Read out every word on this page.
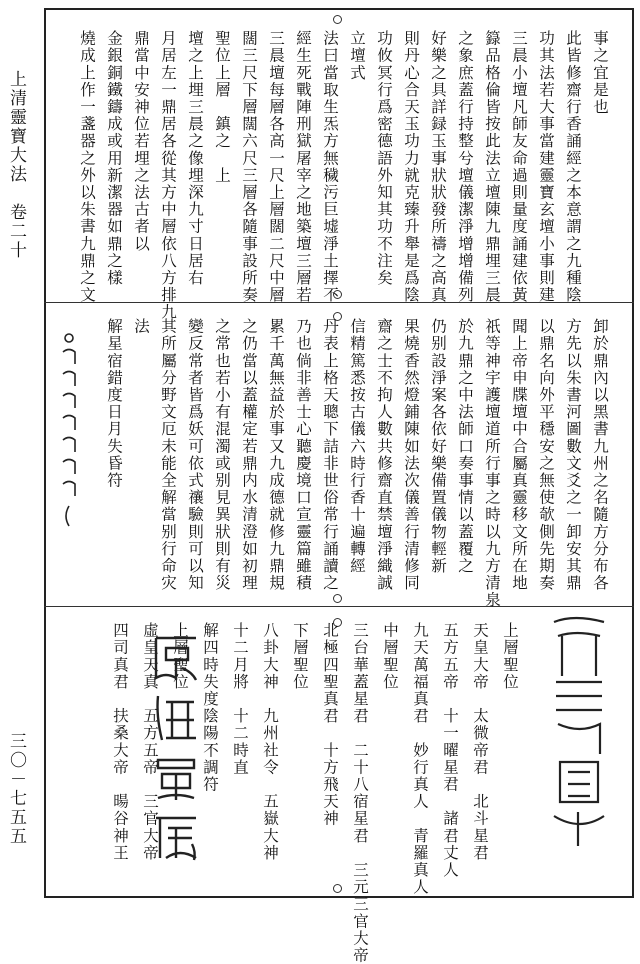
上清靈寶大法　卷二十
三〇－七五五
事之宜是也
此皆修齋行香誦經之本意謂之九種陰
功其法若大事當建靈寶玄壇小事則建
三晨小壇凡師友命過則量度誦建依黃
籙品格倫皆按此法立壇陳九鼎埋三晨
之象庶蓋行持整兮壇儀潔淨增增備列
好樂之具詳録玉事狀狀發所禱之高真
則丹心合天玉功力就克臻升舉是爲陰
功攸冥行爲密德語外知其功不注矣
立壇式
法曰當取生炁方無穢污巨墟淨土擇不
經生死戰陣刑獄屠宰之地築壇三層若
三晨壇每層各高一尺上層闊二尺中層
闊三尺下層闊六尺三層各隨事設所奏
聖位上層　鎮之　上
壇之上埋三晨之像埋深九寸日居右
月居左一鼎居各從其方中層依八方排九
鼎當中安神位若埋之法古者以
金銀銅鐵鑄成或用新潔器如鼎之樣
燒成上作一盞器之外以朱書九鼎之文
卸於鼎內以黑書九州之名隨方分布各
方先以朱書河圖數文爻之一卸安其鼎
以鼎名向外平穩安之無使欹側先期奏
聞上帝申牒壇中合屬真靈移文所在地
祇等神宇護壇道所行事之時以九方清泉
於九鼎之中法師口奏事情以蓋覆之
仍别設淨案各依好樂備置儀物輕新
果燒香然燈鋪陳如法次儀善行清修同
齋之士不拘人數共修齋直禁壇淨織誠
信精篤悉按古儀六時行香十遍轉經
丹表上格天聰下詰非世俗常行誦讀之
乃也倘非善士心聽慶境口宣靈篇雖積
累千萬無益於事又九成德就修九鼎規
之仍當以蓋權定若鼎内水清澄如初理
之常也若小有混濁或别見異狀則有災
變反常者皆爲妖可依式禳驗則可以知
其所屬分野文厄未能全解當别行命灾
法
解星宿錯度日月失昏符
上層聖位
天皇大帝　太微帝君　北斗星君
五方五帝　十一曜星君　諸君丈人
九天萬福真君　妙行真人　青羅真人
中層聖位
三台華蓋星君　二十八宿星君　三元三官大帝
北極四聖真君　十方飛天神
下層聖位
八卦大神　九州社令　五嶽大神
十二月將　十二時直
解四時失度陰陽不調符
上層聖位
虛皇天真　五方五帝　三官大帝
四司真君　扶桑大帝　暘谷神王
